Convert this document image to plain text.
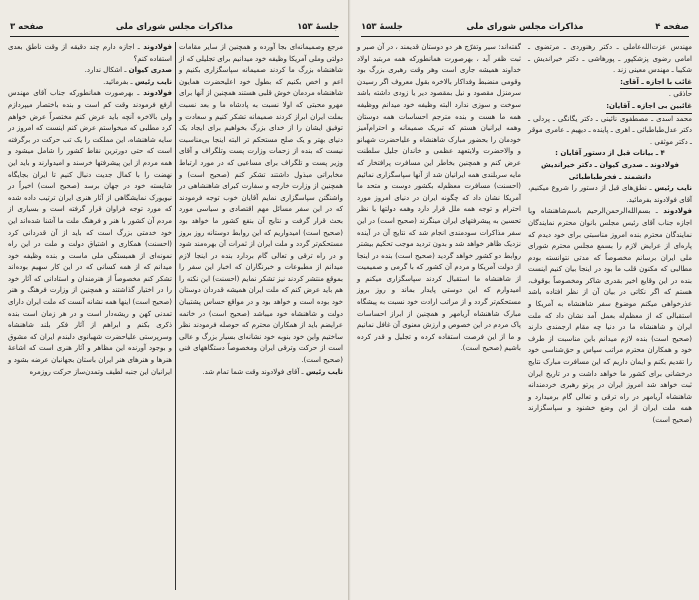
جلسهٔ ۱۵۳
مذاکرات مجلس شورای ملی
صفحه ۳

مرجع وصمیمانه‌ای بجا آورده و همچنین از سایر مقامات دولتی وملی آمریکا وظیفه خود میدانیم برای تجلیلی که از شاهنشاه بزرگ ما کردند صمیمانه سپاسگزاری بکنیم و اعم و اخص بکنیم که بطول خود اعلیحضرت همایون شاهنشاه مردمان خوش قلبی هستند همچنین از آنها برای مهرو محبتی که اولا نسبت به پادشاه ما و بعد نسبت بملت ایران ابراز کردند صمیمانه تشکر کنیم و سعادت و توفیق ایشان را از خدای بزرگ بخواهیم برای ایجاد یک دنیای بهتر و یک صلح مستحکم تر البته اینجا بی‌مناسبت نیست که بنده از زحمات وزارت پست وتلگراف و آقای وزیر پست و تلگراف برای مساعیی که در مورد ارتباط مخابراتی مبذول داشتند تشکر کنم (صحیح است) و همچنین از وزارت خارجه و سفارت کبرای شاهنشاهی در واشنگتن سپاسگزاری نمایم آقایان خوب توجه فرمودند که در این سفر مسائل مهم اقتصادی و سیاسی مورد بحث قرار گرفت و نتایج آن بنفع کشور ما خواهد بود (صحیح است) امیدواریم که این روابط دوستانه روز بروز مستحکم‌تر گردد و ملت ایران از ثمرات آن بهره‌مند شود و در راه ترقی و تعالی گام بردارد بنده در اینجا لازم میدانم از مطبوعات و خبرنگاران که اخبار این سفر را بموقع منتشر کردند نیز تشکر نمایم (احسنت) این نکته را هم باید عرض کنم که ملت ایران همیشه قدردان دوستان خود بوده است و خواهد بود و در مواقع حساس پشتیبان دولت و شاهنشاه خود میباشد (صحیح است) در خاتمه عرایضم باید از همکاران محترم که حوصله فرمودند نظر ساختیم واین خود بنوبه خود نشانه‌ای بسیار بزرگ و عالی است از حرکت وترقی ایران ومخصوصاً دستگاههای فنی (صحیح است).

نایب رئیس ـ آقای فولادوند وقت شما تمام شد.

فولادوند ـ اجازه دارم چند دقیقه از وقت ناطق بعدی استفاده کنم؟

صدری کیوان ـ اشکال ندارد.

نایب رئیس ـ بفرمائید.

فولادوند ـ بهرصورت همانطورکه جناب آقای مهندس ارفع فرمودند وقت کم است و بنده باختصار میپردازم ولی بالاخره آنچه باید عرض کنم مختصراً عرض خواهم کرد مطلبی که میخواستم عرض کنم اینست که امروز در سایه شاهنشاه، این مملکت را یک تب حرکت در برگرفته است که حتی دورترین نقاط کشور را شامل میشود و همه مردم از این پیشرفتها خرسند و امیدوارند و باید این نهضت را با کمال جدیت دنبال کنیم تا ایران بجایگاه شایسته خود در جهان برسد (صحیح است) اخیراً در نیویورک نمایشگاهی از آثار هنری ایران ترتیب داده شده که مورد توجه فراوان قرار گرفته است و بسیاری از مردم آن کشور با هنر و فرهنگ ملت ما آشنا شده‌اند این خود خدمتی بزرگ است که باید از آن قدردانی کرد (احسنت) همکاری و اشتیاق دولت و ملت در این راه نمونه‌ای از همبستگی ملی ماست و بنده وظیفه خود میدانم که از همه کسانی که در این کار سهیم بوده‌اند تشکر کنم مخصوصاً از هنرمندان و استادانی که آثار خود را در اختیار گذاشتند و همچنین از وزارت فرهنگ و هنر (صحیح است) اینها همه نشانه آنست که ملت ایران دارای تمدنی کهن و ریشه‌دار است و در هر زمان است بنده ذکری بکنم و ابراهم از آثار فکر بلند شاهنشاه وسرپرستی علیاحضرت شهبانوی دلبندم ایران که مشوق و بوجود آورنده این مظاهر و آثار هنری است که اشاعهٔ هنرها و هنرهای هنر ایران باستان بجهانیان عرضه بشود و ایرانیان این جنبه لطیف وتمدن‌ساز حرکت روزمره

صفحه ۴
مذاکرات مجلس شورای ملی
جلسهٔ ۱۵۳

مهندس عزت‌الله‌عاملی ـ دکتر رهنوردی ـ مرتضوی ـ امامی رضوی پزشکپور ـ پورهاشی ـ دکتر خیراندیش ـ شکیبا ـ مهندس معینی زند .

غائب با اجازه ـ آقای:

حاذقی .

غائبین بی اجازه ـ آقایان:

محمد اسدی ـ مصطفوی نائینی ـ دکتر یگانگی ـ پردلی ـ دکتر عدل‌طباطبائی ـ اهری ـ پاینده ـ دیهیم ـ عامری موقر ـ دکتر موثقی .

۴ ـ بیانات قبل از دستور آقایان :

فولادوند ـ صدری کیوان ـ دکتر خیراندیش

دانشمند ـ فخرطباطبائی

نایب رئیس ـ نطق‌های قبل از دستور را شروع میکنیم، آقای فولادوند بفرمائید.

فولادوند ـ بسم‌الله‌الرحمن‌الرحیم باسم‌شاهنشاه وبا اجازه جناب آقای رئیس مجلس بانوان محترم نمایندگان نمایندگان محترم بنده امروز مناسبتی برای خود دیدم که پاره‌ای از عرایض لازم را بسمع مجلس محترم شورای ملی ایران برسانم مخصوصاً که مدتی نتوانسته بودم مطالبی که مکنون قلب ما بود در اینجا بیان کنیم اینست بنده در این وقایع اخیر بقدری شاکر ومخصوصاً بوقوف، هستم که اگر نکاتی در بیان آن از نظر افتاده باشد عذرخواهی میکنم موضوع سفر شاهنشاه به آمریکا و استقبالی که از معظم‌له بعمل آمد نشان داد که ملت ایران و شاهنشاه ما در دنیا چه مقام ارجمندی دارند (صحیح است) بنده لازم میدانم باین مناسبت از طرف خود و همکاران محترم مراتب سپاس و حق‌شناسی خود را تقدیم بکنم و ایمان داریم که این مسافرت مبارک نتایج درخشانی برای کشور ما خواهد داشت و در تاریخ ایران ثبت خواهد شد امروز ایران در پرتو رهبری خردمندانه شاهنشاه آریامهر در راه ترقی و تعالی گام برمیدارد و همه ملت ایران از این وضع خشنود و سپاسگزارند (صحیح است)

گفته‌اند: سیر وتفرّج هر دو دوستان قدیمند ، در آن صبر و ثبت ظفر آید ، بهرصورت همانطورکه همه مربتبد اولاد خداوند همیشه جاری است وهر وقت رهبری بزرگ بود وقومی منضبط وفداکار بالاخره بقول معروف اگر رسیدن سرمنزل مقصود و نیل بمقصود دیر یا زودی داشته باشد سوخت و سوزی ندارد البته وظیفه خود میدانم ووظیفه همه ما هست و بنده مترجم احساسات همه دوستان وهمه ایرانیان هستم که تبریک صمیمانه و احترام‌آمیز خودمان را بحضور مبارک شاهنشاه و علیاحضرت شهبانو و والاحضرت ولایتعهد عظمی و خاندان جلیل سلطنت عرض کنم و همچنین بخاطر این مسافرت پرافتخار که مایه سربلندی همه ایرانیان شد از آنها سپاسگزاری نمائیم (احسنت) مسافرت معظم‌له بکشور دوست و متحد ما آمریکا نشان داد که چگونه ایران در دنیای امروز مورد احترام و توجه همه ملل قرار دارد وهمه دولتها با نظر تحسین به پیشرفتهای ایران مینگرند (صحیح است) در این سفر مذاکرات سودمندی انجام شد که نتایج آن در آینده نزدیک ظاهر خواهد شد و بدون تردید موجب تحکیم بیشتر روابط دو کشور خواهد گردید (صحیح است) بنده در اینجا از دولت آمریکا و مردم آن کشور که با گرمی و صمیمیت از شاهنشاه ما استقبال کردند سپاسگزاری میکنم و امیدوارم که این دوستی پایدار بماند و روز بروز مستحکم‌تر گردد و از مراتب ارادت خود نسبت به پیشگاه مبارک شاهنشاه آریامهر و همچنین از ابراز احساسات پاک مردم در این خصوص و ارزش معنوی آن غافل نمانیم و ما از این فرصت استفاده کرده و تجلیل و قدر کرده باشیم (صحیح است).
